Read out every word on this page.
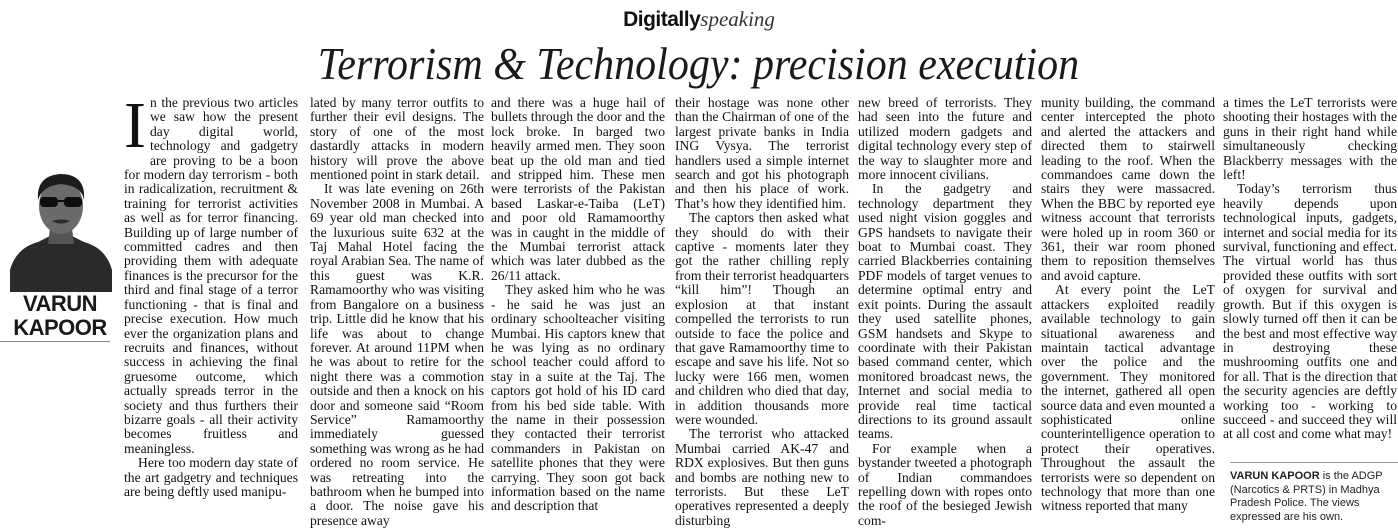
Digitallyspeaking
Terrorism & Technology: precision execution
VARUN
KAPOOR

In the previous two articles we saw how the present day digital world, technology and gadgetry are proving to be a boon for modern day terrorism - both in radicalization, recruitment & training for terrorist activities as well as for terror financing. Building up of large number of committed cadres and then providing them with adequate finances is the precursor for the third and final stage of a terror functioning - that is final and precise execution. How much ever the organization plans and recruits and finances, without success in achieving the final gruesome outcome, which actually spreads terror in the society and thus furthers their bizarre goals - all their activity becomes fruitless and meaningless.

Here too modern day state of the art gadgetry and techniques are being deftly used manipu-

lated by many terror outfits to further their evil designs. The story of one of the most dastardly attacks in modern history will prove the above mentioned point in stark detail.

It was late evening on 26th November 2008 in Mumbai. A 69 year old man checked into the luxurious suite 632 at the Taj Mahal Hotel facing the royal Arabian Sea. The name of this guest was K.R. Ramamoorthy who was visiting from Bangalore on a business trip. Little did he know that his life was about to change forever. At around 11PM when he was about to retire for the night there was a commotion outside and then a knock on his door and someone said “Room Service” Ramamoorthy immediately guessed something was wrong as he had ordered no room service. He was retreating into the bathroom when he bumped into a door. The noise gave his presence away

and there was a huge hail of bullets through the door and the lock broke. In barged two heavily armed men. They soon beat up the old man and tied and stripped him. These men were terrorists of the Pakistan based Laskar-e-Taiba (LeT) and poor old Ramamoorthy was in caught in the middle of the Mumbai terrorist attack which was later dubbed as the 26/11 attack.

They asked him who he was - he said he was just an ordinary schoolteacher visiting Mumbai. His captors knew that he was lying as no ordinary school teacher could afford to stay in a suite at the Taj. The captors got hold of his ID card from his bed side table. With the name in their possession they contacted their terrorist commanders in Pakistan on satellite phones that they were carrying. They soon got back information based on the name and description that

their hostage was none other than the Chairman of one of the largest private banks in India ING Vysya. The terrorist handlers used a simple internet search and got his photograph and then his place of work. That’s how they identified him.

The captors then asked what they should do with their captive - moments later they got the rather chilling reply from their terrorist headquarters “kill him”! Though an explosion at that instant compelled the terrorists to run outside to face the police and that gave Ramamoorthy time to escape and save his life. Not so lucky were 166 men, women and children who died that day, in addition thousands more were wounded.

The terrorist who attacked Mumbai carried AK-47 and RDX explosives. But then guns and bombs are nothing new to terrorists. But these LeT operatives represented a deeply disturbing

new breed of terrorists. They had seen into the future and utilized modern gadgets and digital technology every step of the way to slaughter more and more innocent civilians.

In the gadgetry and technology department they used night vision goggles and GPS handsets to navigate their boat to Mumbai coast. They carried Blackberries containing PDF models of target venues to determine optimal entry and exit points. During the assault they used satellite phones, GSM handsets and Skype to coordinate with their Pakistan based command center, which monitored broadcast news, the Internet and social media to provide real time tactical directions to its ground assault teams.

For example when a bystander tweeted a photograph of Indian commandoes repelling down with ropes onto the roof of the besieged Jewish com-

munity building, the command center intercepted the photo and alerted the attackers and directed them to stairwell leading to the roof. When the commandoes came down the stairs they were massacred. When the BBC by reported eye witness account that terrorists were holed up in room 360 or 361, their war room phoned them to reposition themselves and avoid capture.

At every point the LeT attackers exploited readily available technology to gain situational awareness and maintain tactical advantage over the police and the government. They monitored the internet, gathered all open source data and even mounted a sophisticated online counterintelligence operation to protect their operatives. Throughout the assault the terrorists were so dependent on technology that more than one witness reported that many

a times the LeT terrorists were shooting their hostages with the guns in their right hand while simultaneously checking Blackberry messages with the left!

Today’s terrorism thus heavily depends upon technological inputs, gadgets, internet and social media for its survival, functioning and effect. The virtual world has thus provided these outfits with sort of oxygen for survival and growth. But if this oxygen is slowly turned off then it can be the best and most effective way in destroying these mushrooming outfits one and for all. That is the direction that the security agencies are deftly working too - working to succeed - and succeed they will at all cost and come what may!

VARUN KAPOOR is the ADGP (Narcotics & PRTS) in Madhya Pradesh Police. The views expressed are his own.
